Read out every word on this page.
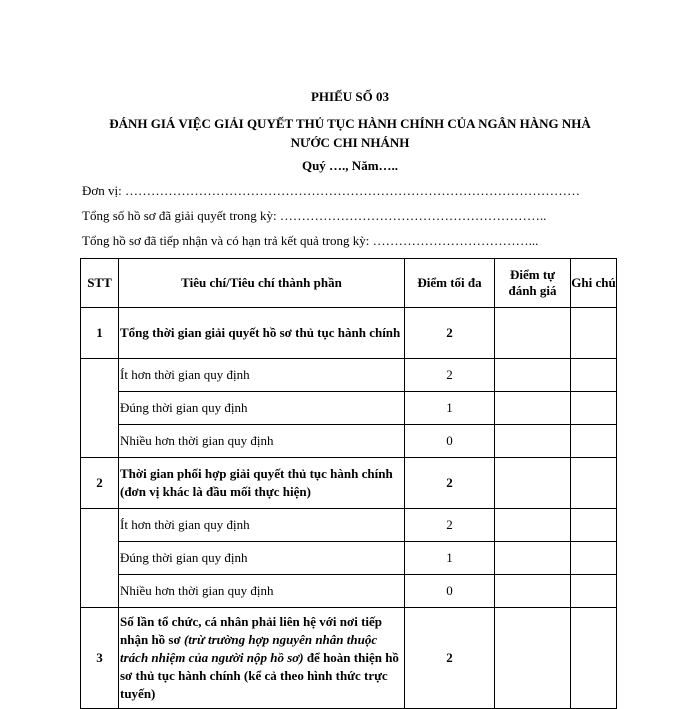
PHIẾU SỐ 03
ĐÁNH GIÁ VIỆC GIẢI QUYẾT THỦ TỤC HÀNH CHÍNH CỦA NGÂN HÀNG NHÀ NƯỚC CHI NHÁNH
Quý …., Năm…..
Đơn vị: ……………………………………………………………………………………………
Tổng số hồ sơ đã giải quyết trong kỳ: ……………………………………………………..
Tổng hồ sơ đã tiếp nhận và có hạn trả kết quả trong kỳ: ………………………………...
STT	Tiêu chí/Tiêu chí thành phần	Điểm tối đa	Điểm tự đánh giá	Ghi chú
1	Tổng thời gian giải quyết hồ sơ thủ tục hành chính	2		
	Ít hơn thời gian quy định	2		
	Đúng thời gian quy định	1		
	Nhiều hơn thời gian quy định	0		
2	Thời gian phối hợp giải quyết thủ tục hành chính (đơn vị khác là đầu mối thực hiện)	2		
	Ít hơn thời gian quy định	2		
	Đúng thời gian quy định	1		
	Nhiều hơn thời gian quy định	0		
3	Số lần tổ chức, cá nhân phải liên hệ với nơi tiếp nhận hồ sơ (trừ trường hợp nguyên nhân thuộc trách nhiệm của người nộp hồ sơ) để hoàn thiện hồ sơ thủ tục hành chính (kể cả theo hình thức trực tuyến)	2		
